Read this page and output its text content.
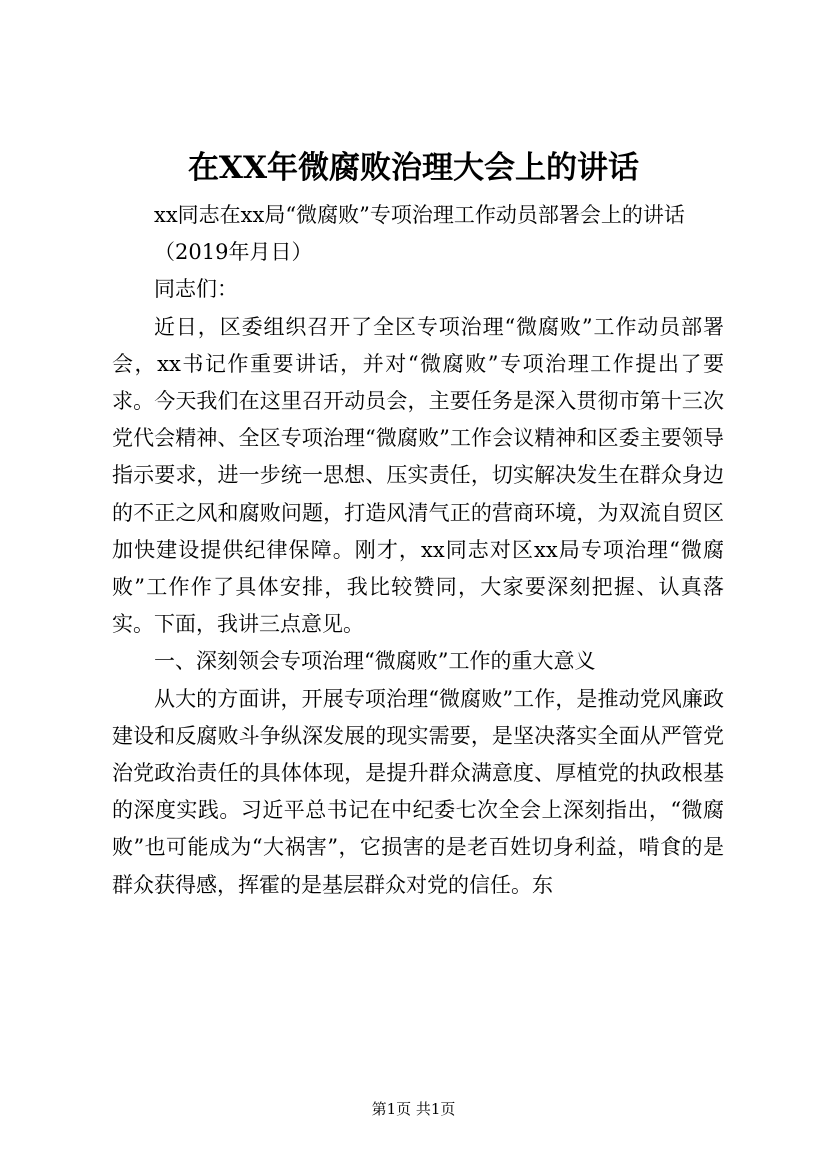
在XX年微腐败治理大会上的讲话

xx同志在xx局“微腐败”专项治理工作动员部署会上的讲话

（2019年月日）

同志们：

近日，区委组织召开了全区专项治理“微腐败”工作动员部署会，xx书记作重要讲话，并对“微腐败”专项治理工作提出了要求。今天我们在这里召开动员会，主要任务是深入贯彻市第十三次党代会精神、全区专项治理“微腐败”工作会议精神和区委主要领导指示要求，进一步统一思想、压实责任，切实解决发生在群众身边的不正之风和腐败问题，打造风清气正的营商环境，为双流自贸区加快建设提供纪律保障。刚才，xx同志对区xx局专项治理“微腐败”工作作了具体安排，我比较赞同，大家要深刻把握、认真落实。下面，我讲三点意见。

一、深刻领会专项治理“微腐败”工作的重大意义

从大的方面讲，开展专项治理“微腐败”工作，是推动党风廉政建设和反腐败斗争纵深发展的现实需要，是坚决落实全面从严管党治党政治责任的具体体现，是提升群众满意度、厚植党的执政根基的深度实践。习近平总书记在中纪委七次全会上深刻指出，“微腐败”也可能成为“大祸害”，它损害的是老百姓切身利益，啃食的是群众获得感，挥霍的是基层群众对党的信任。东

第1页 共1页
